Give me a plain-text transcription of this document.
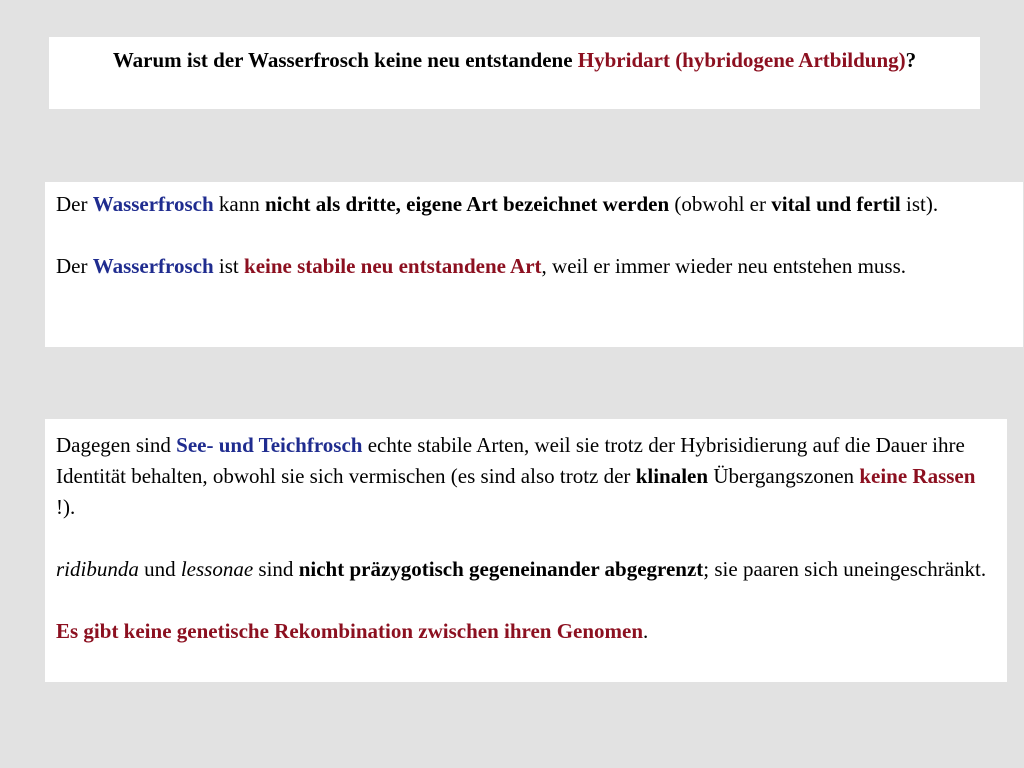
Warum ist der Wasserfrosch keine neu entstandene Hybridart (hybridogene Artbildung)?

Der Wasserfrosch kann nicht als dritte, eigene Art bezeichnet werden (obwohl er vital und fertil ist).

Der Wasserfrosch ist keine stabile neu entstandene Art, weil er immer wieder neu entstehen muss.

Dagegen sind See- und Teichfrosch echte stabile Arten, weil sie trotz der Hybrisidierung auf die Dauer ihre Identität behalten, obwohl sie sich vermischen (es sind also trotz der klinalen Übergangszonen keine Rassen !).

ridibunda und lessonae sind nicht präzygotisch gegeneinander abgegrenzt; sie paaren sich uneingeschränkt.

Es gibt keine genetische Rekombination zwischen ihren Genomen.
